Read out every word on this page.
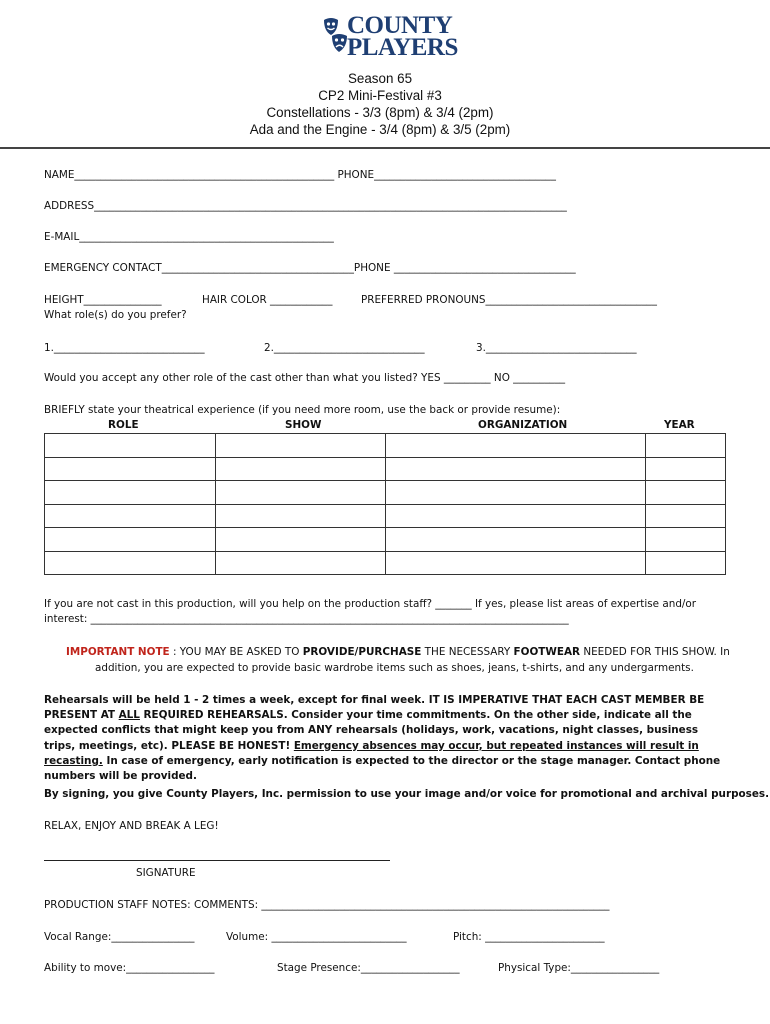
COUNTY
PLAYERS
Season 65
CP2 Mini-Festival #3
Constellations - 3/3 (8pm) & 3/4 (2pm)
Ada and the Engine - 3/4 (8pm) & 3/5 (2pm)
NAME__________________________________________________ PHONE___________________________________
ADDRESS___________________________________________________________________________________________
E-MAIL_________________________________________________
EMERGENCY CONTACT_____________________________________PHONE ___________________________________
HEIGHT_______________	HAIR COLOR ____________	PREFERRED PRONOUNS_________________________________
What role(s) do you prefer?
1._____________________________	2._____________________________	3._____________________________
Would you accept any other role of the cast other than what you listed? YES _________ NO __________
BRIEFLY state your theatrical experience (if you need more room, use the back or provide resume):
ROLE	SHOW	ORGANIZATION	YEAR

If you are not cast in this production, will you help on the production staff? _______ If yes, please list areas of expertise and/or
interest: ____________________________________________________________________________________________
IMPORTANT NOTE : YOU MAY BE ASKED TO PROVIDE/PURCHASE THE NECESSARY FOOTWEAR NEEDED FOR THIS SHOW. In
addition, you are expected to provide basic wardrobe items such as shoes, jeans, t-shirts, and any undergarments.
Rehearsals will be held 1 - 2 times a week, except for final week. IT IS IMPERATIVE THAT EACH CAST MEMBER BE PRESENT AT ALL REQUIRED REHEARSALS. Consider your time commitments. On the other side, indicate all the expected conflicts that might keep you from ANY rehearsals (holidays, work, vacations, night classes, business trips, meetings, etc). PLEASE BE HONEST! Emergency absences may occur, but repeated instances will result in recasting. In case of emergency, early notification is expected to the director or the stage manager. Contact phone numbers will be provided.
By signing, you give County Players, Inc. permission to use your image and/or voice for promotional and archival purposes.
RELAX, ENJOY AND BREAK A LEG!
SIGNATURE
PRODUCTION STAFF NOTES: COMMENTS: ___________________________________________________________________
Vocal Range:________________	Volume: __________________________	Pitch: _______________________
Ability to move:_________________	Stage Presence:___________________	Physical Type:_________________
